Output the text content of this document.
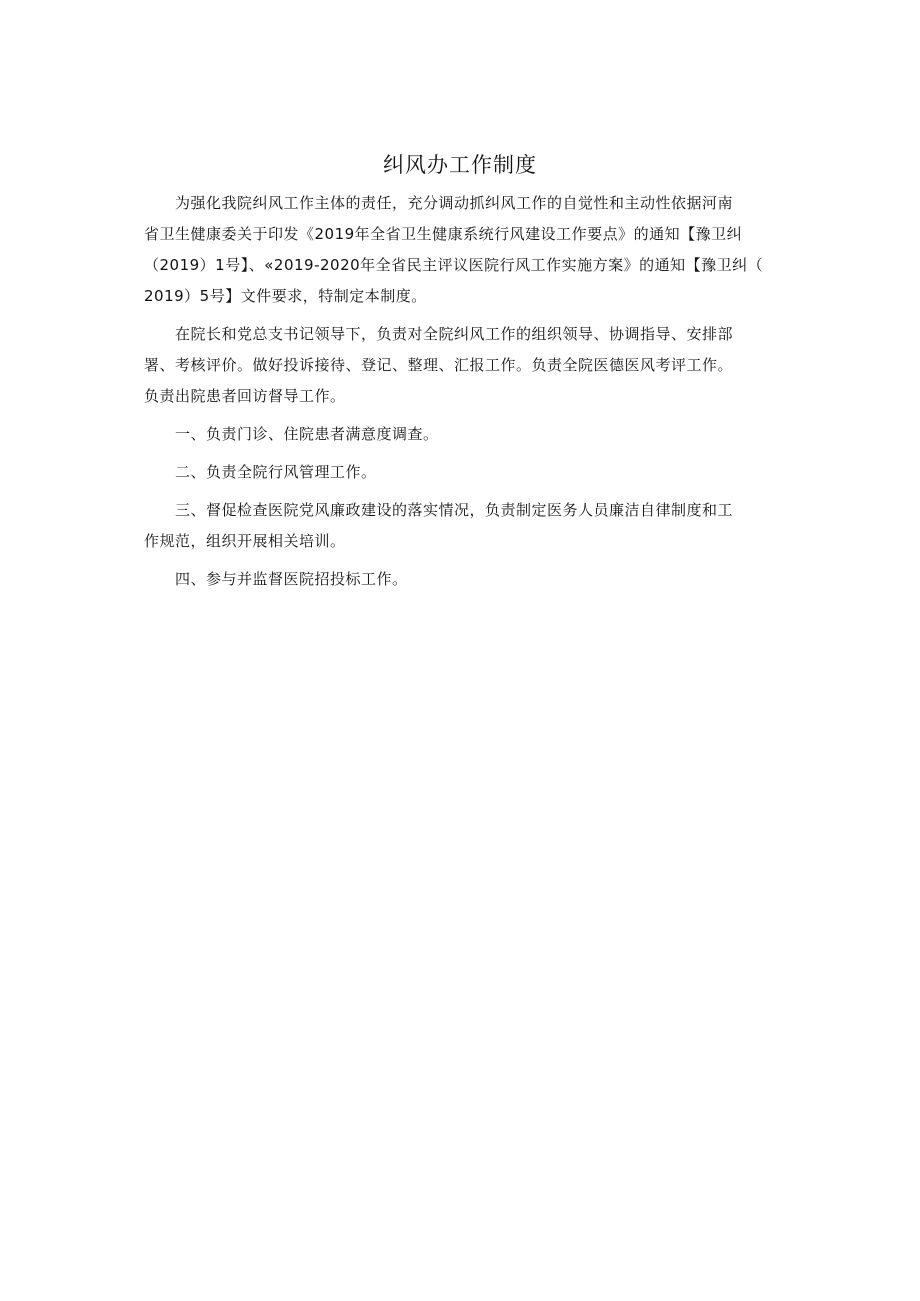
纠风办工作制度
为强化我院纠风工作主体的责任，充分调动抓纠风工作的自觉性和主动性依据河南
省卫生健康委关于印发《2019年全省卫生健康系统行风建设工作要点》的通知【豫卫纠
（2019）1号】、«2019-2020年全省民主评议医院行风工作实施方案》的通知【豫卫纠（
2019）5号】文件要求，特制定本制度。
在院长和党总支书记领导下，负责对全院纠风工作的组织领导、协调指导、安排部
署、考核评价。做好投诉接待、登记、整理、汇报工作。负责全院医德医风考评工作。
负责出院患者回访督导工作。
一、负责门诊、住院患者满意度调查。
二、负责全院行风管理工作。
三、督促检查医院党风廉政建设的落实情况，负责制定医务人员廉洁自律制度和工
作规范，组织开展相关培训。
四、参与并监督医院招投标工作。
